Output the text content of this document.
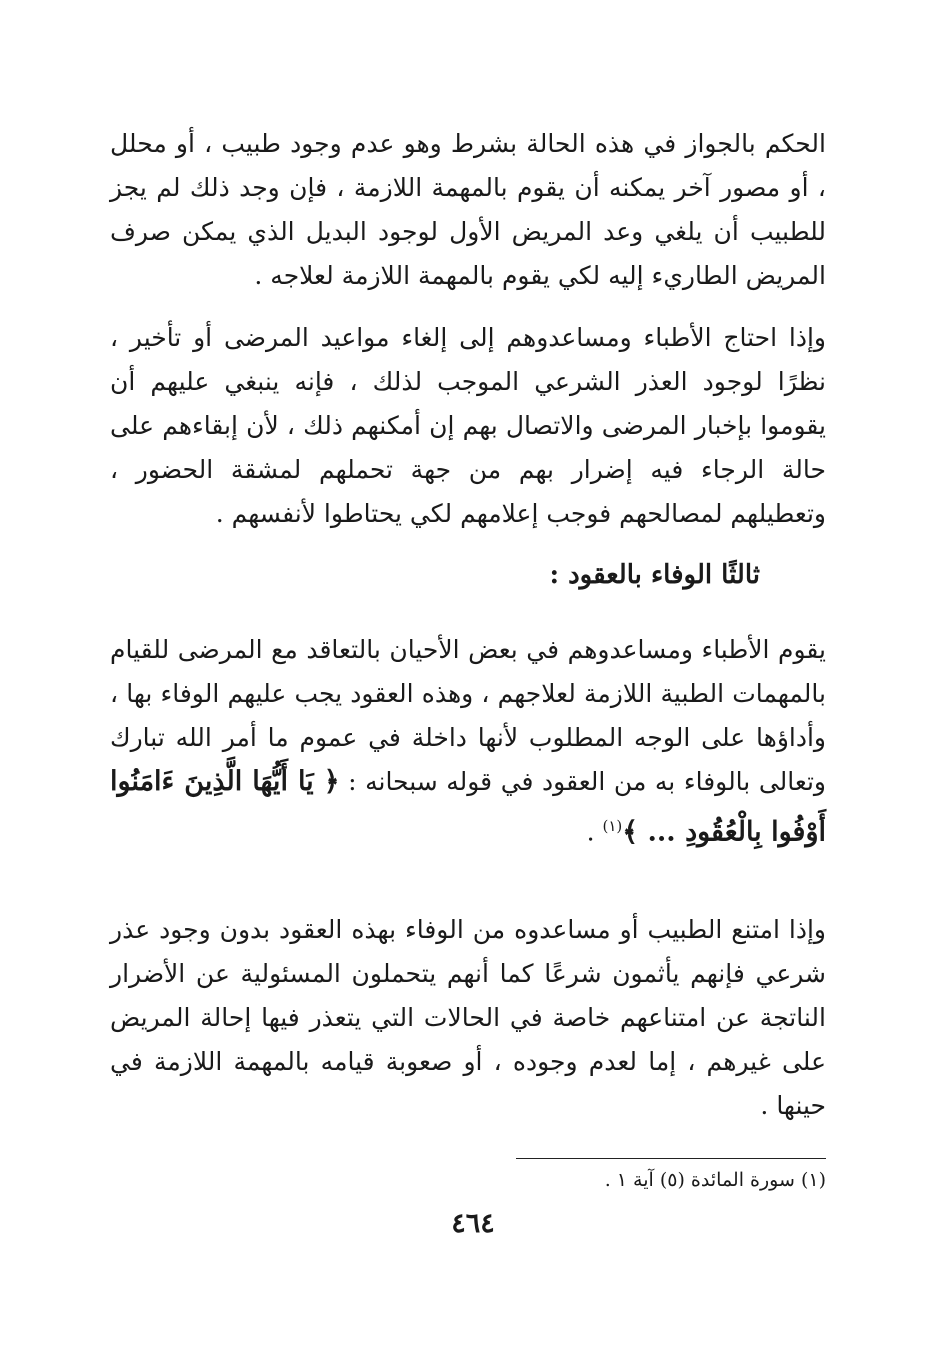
الحكم بالجواز في هذه الحالة بشرط وهو عدم وجود طبيب ، أو محلل ، أو مصور آخر يمكنه أن يقوم بالمهمة اللازمة ، فإن وجد ذلك لم يجز للطبيب أن يلغي وعد المريض الأول لوجود البديل الذي يمكن صرف المريض الطاريء إليه لكي يقوم بالمهمة اللازمة لعلاجه .

وإذا احتاج الأطباء ومساعدوهم إلى إلغاء مواعيد المرضى أو تأخير ، نظرًا لوجود العذر الشرعي الموجب لذلك ، فإنه ينبغي عليهم أن يقوموا بإخبار المرضى والاتصال بهم إن أمكنهم ذلك ، لأن إبقاءهم على حالة الرجاء فيه إضرار بهم من جهة تحملهم لمشقة الحضور ، وتعطيلهم لمصالحهم فوجب إعلامهم لكي يحتاطوا لأنفسهم .

ثالثًا الوفاء بالعقود :

يقوم الأطباء ومساعدوهم في بعض الأحيان بالتعاقد مع المرضى للقيام بالمهمات الطبية اللازمة لعلاجهم ، وهذه العقود يجب عليهم الوفاء بها ، وأداؤها على الوجه المطلوب لأنها داخلة في عموم ما أمر الله تبارك وتعالى بالوفاء به من العقود في قوله سبحانه : ﴿ يَا أَيُّهَا الَّذِينَ ءَامَنُوا أَوْفُوا بِالْعُقُودِ ... ﴾$^{(١)}$ .

وإذا امتنع الطبيب أو مساعدوه من الوفاء بهذه العقود بدون وجود عذر شرعي فإنهم يأثمون شرعًا كما أنهم يتحملون المسئولية عن الأضرار الناتجة عن امتناعهم خاصة في الحالات التي يتعذر فيها إحالة المريض على غيرهم ، إما لعدم وجوده ، أو صعوبة قيامه بالمهمة اللازمة في حينها .

(١) سورة المائدة (٥) آية ١ .
٤٦٤
